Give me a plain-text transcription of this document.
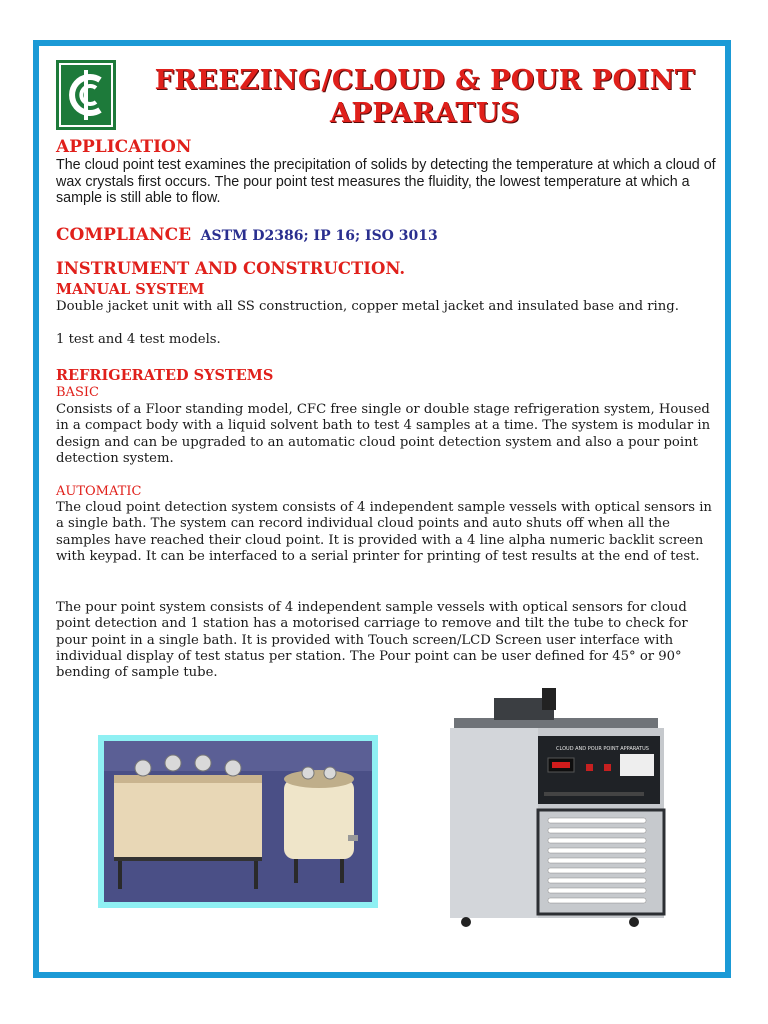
FREEZING/CLOUD & POUR POINT
APPARATUS
APPLICATION
The cloud point test examines the precipitation of solids by detecting the temperature at which a cloud of wax crystals first occurs. The pour point test measures the fluidity, the lowest temperature at which a sample is still able to flow.
COMPLIANCE ASTM D2386; IP 16; ISO 3013
INSTRUMENT AND CONSTRUCTION.
MANUAL SYSTEM
Double jacket unit with all SS construction, copper metal jacket and insulated base and ring.
1 test and 4 test models.
REFRIGERATED SYSTEMS
BASIC
Consists of a Floor standing model, CFC free single or double stage refrigeration system, Housed in a compact body with a liquid solvent bath to test 4 samples at a time. The system is modular in design and can be upgraded to an automatic cloud point detection system and also a pour point detection system.
AUTOMATIC
The cloud point detection system consists of 4 independent sample vessels with optical sensors in a single bath. The system can record individual cloud points and auto shuts off when all the samples have reached their cloud point. It is provided with a 4 line alpha numeric backlit screen with keypad. It can be interfaced to a serial printer for printing of test results at the end of test.
The pour point system consists of 4 independent sample vessels with optical sensors for cloud point detection and 1 station has a motorised carriage to remove and tilt the tube to check for pour point in a single bath. It is provided with Touch screen/LCD Screen user interface with individual display of test status per station. The Pour point can be user defined for 45° or 90° bending of sample tube.
CLOUD AND POUR POINT APPARATUS
